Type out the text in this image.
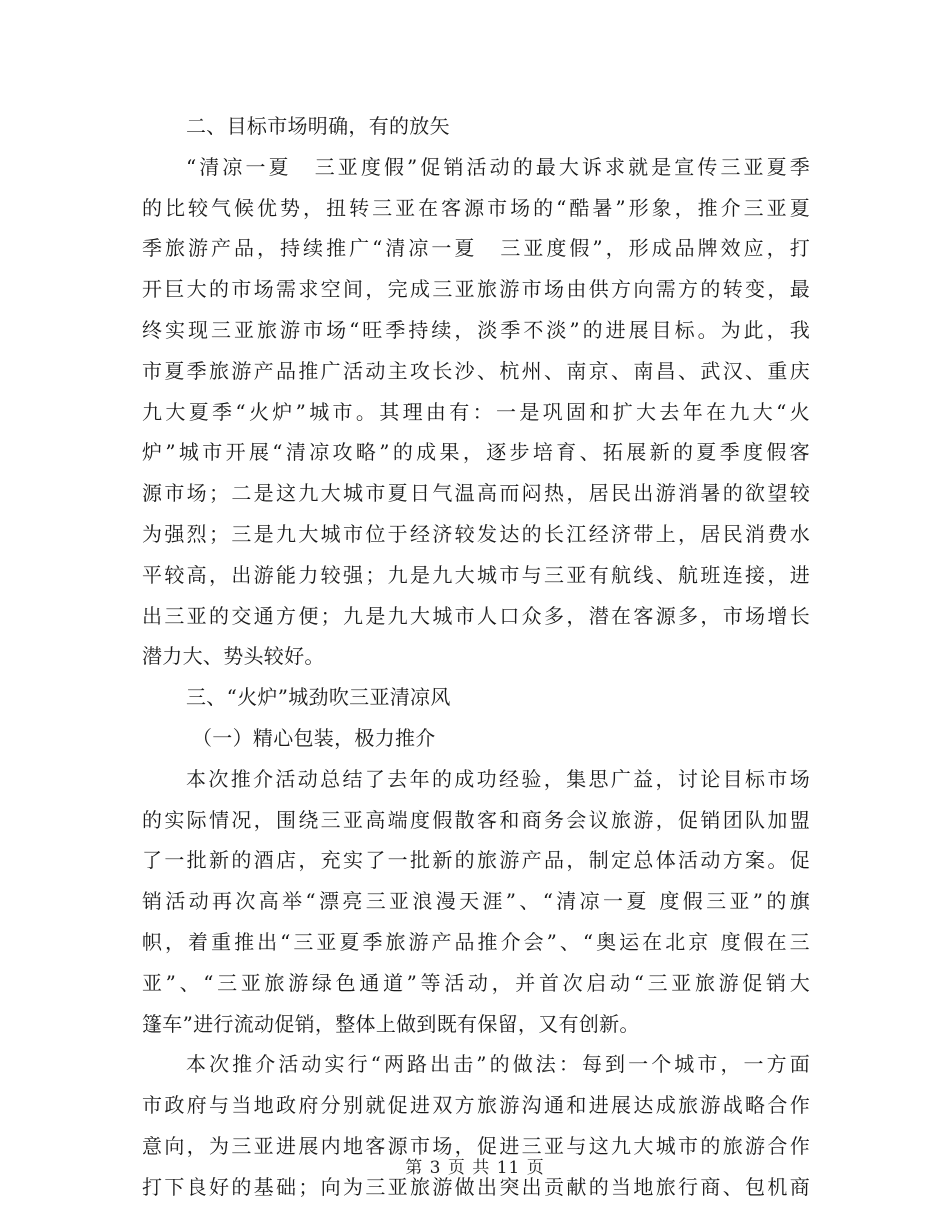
二、目标市场明确，有的放矢
“清凉一夏　三亚度假”促销活动的最大诉求就是宣传三亚夏季
的比较气候优势，扭转三亚在客源市场的“酷暑”形象，推介三亚夏
季旅游产品，持续推广“清凉一夏　三亚度假”，形成品牌效应，打
开巨大的市场需求空间，完成三亚旅游市场由供方向需方的转变，最
终实现三亚旅游市场“旺季持续，淡季不淡”的进展目标。为此，我
市夏季旅游产品推广活动主攻长沙、杭州、南京、南昌、武汉、重庆
九大夏季“火炉”城市。其理由有：一是巩固和扩大去年在九大“火
炉”城市开展“清凉攻略”的成果，逐步培育、拓展新的夏季度假客
源市场；二是这九大城市夏日气温高而闷热，居民出游消暑的欲望较
为强烈；三是九大城市位于经济较发达的长江经济带上，居民消费水
平较高，出游能力较强；九是九大城市与三亚有航线、航班连接，进
出三亚的交通方便；九是九大城市人口众多，潜在客源多，市场增长
潜力大、势头较好。
三、“火炉”城劲吹三亚清凉风
（一）精心包装，极力推介
本次推介活动总结了去年的成功经验，集思广益，讨论目标市场
的实际情况，围绕三亚高端度假散客和商务会议旅游，促销团队加盟
了一批新的酒店，充实了一批新的旅游产品，制定总体活动方案。促
销活动再次高举“漂亮三亚浪漫天涯”、“清凉一夏 度假三亚”的旗
帜，着重推出“三亚夏季旅游产品推介会”、“奥运在北京 度假在三
亚”、“三亚旅游绿色通道”等活动，并首次启动“三亚旅游促销大
篷车”进行流动促销，整体上做到既有保留，又有创新。
本次推介活动实行“两路出击”的做法：每到一个城市，一方面
市政府与当地政府分别就促进双方旅游沟通和进展达成旅游战略合作
意向，为三亚进展内地客源市场，促进三亚与这九大城市的旅游合作
打下良好的基础；向为三亚旅游做出突出贡献的当地旅行商、包机商
第 3 页 共 11 页
